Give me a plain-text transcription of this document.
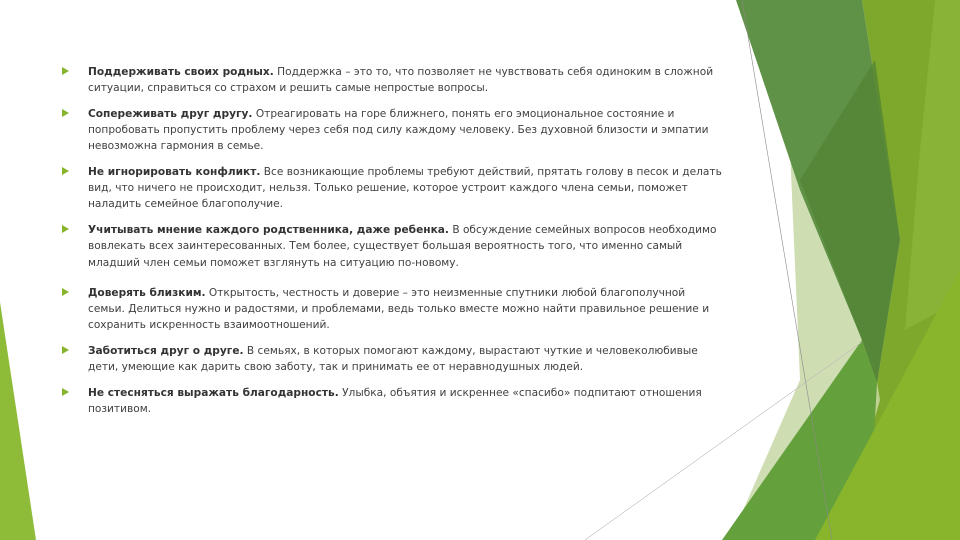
Поддерживать своих родных. Поддержка – это то, что позволяет не чувствовать себя одиноким в сложной ситуации, справиться со страхом и решить самые непростые вопросы.
Сопереживать друг другу. Отреагировать на горе ближнего, понять его эмоциональное состояние и попробовать пропустить проблему через себя под силу каждому человеку. Без духовной близости и эмпатии невозможна гармония в семье.
Не игнорировать конфликт. Все возникающие проблемы требуют действий, прятать голову в песок и делать вид, что ничего не происходит, нельзя. Только решение, которое устроит каждого члена семьи, поможет наладить семейное благополучие.
Учитывать мнение каждого родственника, даже ребенка. В обсуждение семейных вопросов необходимо вовлекать всех заинтересованных. Тем более, существует большая вероятность того, что именно самый младший член семьи поможет взглянуть на ситуацию по-новому.
Доверять близким. Открытость, честность и доверие – это неизменные спутники любой благополучной семьи. Делиться нужно и радостями, и проблемами, ведь только вместе можно найти правильное решение и сохранить искренность взаимоотношений.
Заботиться друг о друге. В семьях, в которых помогают каждому, вырастают чуткие и человеколюбивые дети, умеющие как дарить свою заботу, так и принимать ее от неравнодушных людей.
Не стесняться выражать благодарность. Улыбка, объятия и искреннее «спасибо» подпитают отношения позитивом.
